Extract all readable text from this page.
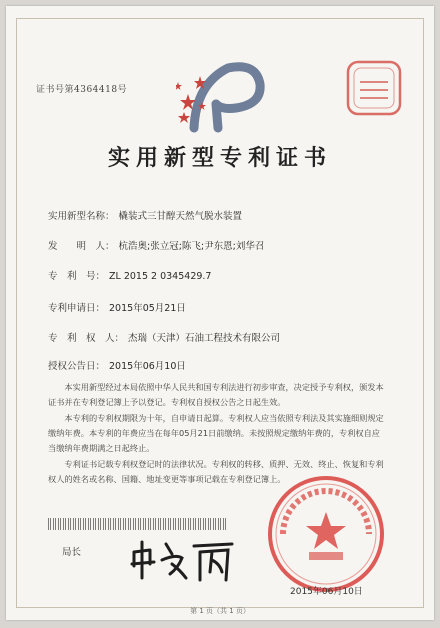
证书号第4364418号
实用新型专利证书
实用新型名称： 橇装式三甘醇天然气脱水装置
发　　明　人： 杭浩奥;张立冠;陈飞;尹东恩;刘华召
专　利　号： ZL 2015 2 0345429.7
专利申请日： 2015年05月21日
专　利　权　人： 杰瑞（天津）石油工程技术有限公司
授权公告日： 2015年06月10日

本实用新型经过本局依照中华人民共和国专利法进行初步审查，决定授予专利权，颁发本证书并在专利登记簿上予以登记。专利权自授权公告之日起生效。

本专利的专利权期限为十年，自申请日起算。专利权人应当依照专利法及其实施细则规定缴纳年费。本专利的年费应当在每年05月21日前缴纳。未按照规定缴纳年费的，专利权自应当缴纳年费期满之日起终止。

专利证书记载专利权登记时的法律状况。专利权的转移、质押、无效、终止、恢复和专利权人的姓名或名称、国籍、地址变更等事项记载在专利登记簿上。

局长
2015年06月10日
第 1 页（共 1 页）
